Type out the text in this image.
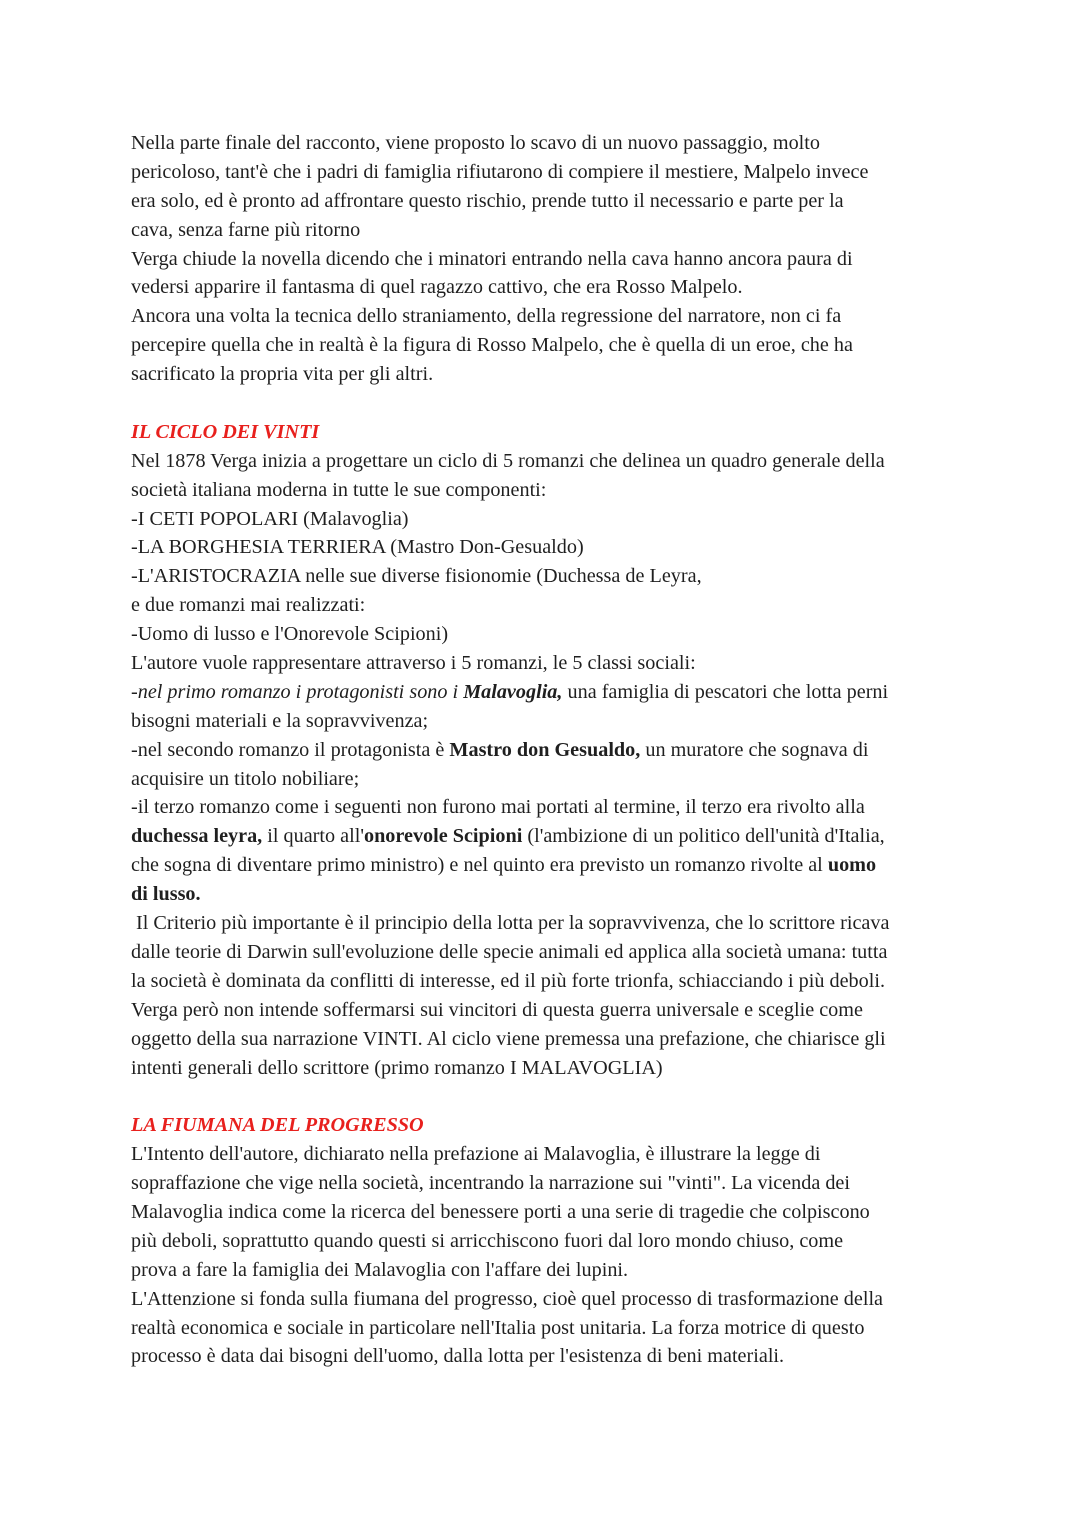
Nella parte finale del racconto, viene proposto lo scavo di un nuovo passaggio, molto
pericoloso, tant'è che i padri di famiglia rifiutarono di compiere il mestiere, Malpelo invece
era solo, ed è pronto ad affrontare questo rischio, prende tutto il necessario e parte per la
cava, senza farne più ritorno
Verga chiude la novella dicendo che i minatori entrando nella cava hanno ancora paura di
vedersi apparire il fantasma di quel ragazzo cattivo, che era Rosso Malpelo.
Ancora una volta la tecnica dello straniamento, della regressione del narratore, non ci fa
percepire quella che in realtà è la figura di Rosso Malpelo, che è quella di un eroe, che ha
sacrificato la propria vita per gli altri.
IL CICLO DEI VINTI
Nel 1878 Verga inizia a progettare un ciclo di 5 romanzi che delinea un quadro generale della
società italiana moderna in tutte le sue componenti:
-I CETI POPOLARI (Malavoglia)
-LA BORGHESIA TERRIERA (Mastro Don-Gesualdo)
-L'ARISTOCRAZIA nelle sue diverse fisionomie (Duchessa de Leyra,
e due romanzi mai realizzati:
-Uomo di lusso e l'Onorevole Scipioni)
L'autore vuole rappresentare attraverso i 5 romanzi, le 5 classi sociali:
-nel primo romanzo i protagonisti sono i Malavoglia, una famiglia di pescatori che lotta perni
bisogni materiali e la sopravvivenza;
-nel secondo romanzo il protagonista è Mastro don Gesualdo, un muratore che sognava di
acquisire un titolo nobiliare;
-il terzo romanzo come i seguenti non furono mai portati al termine, il terzo era rivolto alla
duchessa leyra, il quarto all'onorevole Scipioni (l'ambizione di un politico dell'unità d'Italia,
che sogna di diventare primo ministro) e nel quinto era previsto un romanzo rivolte al uomo
di lusso.
Il Criterio più importante è il principio della lotta per la sopravvivenza, che lo scrittore ricava
dalle teorie di Darwin sull'evoluzione delle specie animali ed applica alla società umana: tutta
la società è dominata da conflitti di interesse, ed il più forte trionfa, schiacciando i più deboli.
Verga però non intende soffermarsi sui vincitori di questa guerra universale e sceglie come
oggetto della sua narrazione VINTI. Al ciclo viene premessa una prefazione, che chiarisce gli
intenti generali dello scrittore (primo romanzo I MALAVOGLIA)
LA FIUMANA DEL PROGRESSO
L'Intento dell'autore, dichiarato nella prefazione ai Malavoglia, è illustrare la legge di
sopraffazione che vige nella società, incentrando la narrazione sui "vinti". La vicenda dei
Malavoglia indica come la ricerca del benessere porti a una serie di tragedie che colpiscono
più deboli, soprattutto quando questi si arricchiscono fuori dal loro mondo chiuso, come
prova a fare la famiglia dei Malavoglia con l'affare dei lupini.
L'Attenzione si fonda sulla fiumana del progresso, cioè quel processo di trasformazione della
realtà economica e sociale in particolare nell'Italia post unitaria. La forza motrice di questo
processo è data dai bisogni dell'uomo, dalla lotta per l'esistenza di beni materiali.
